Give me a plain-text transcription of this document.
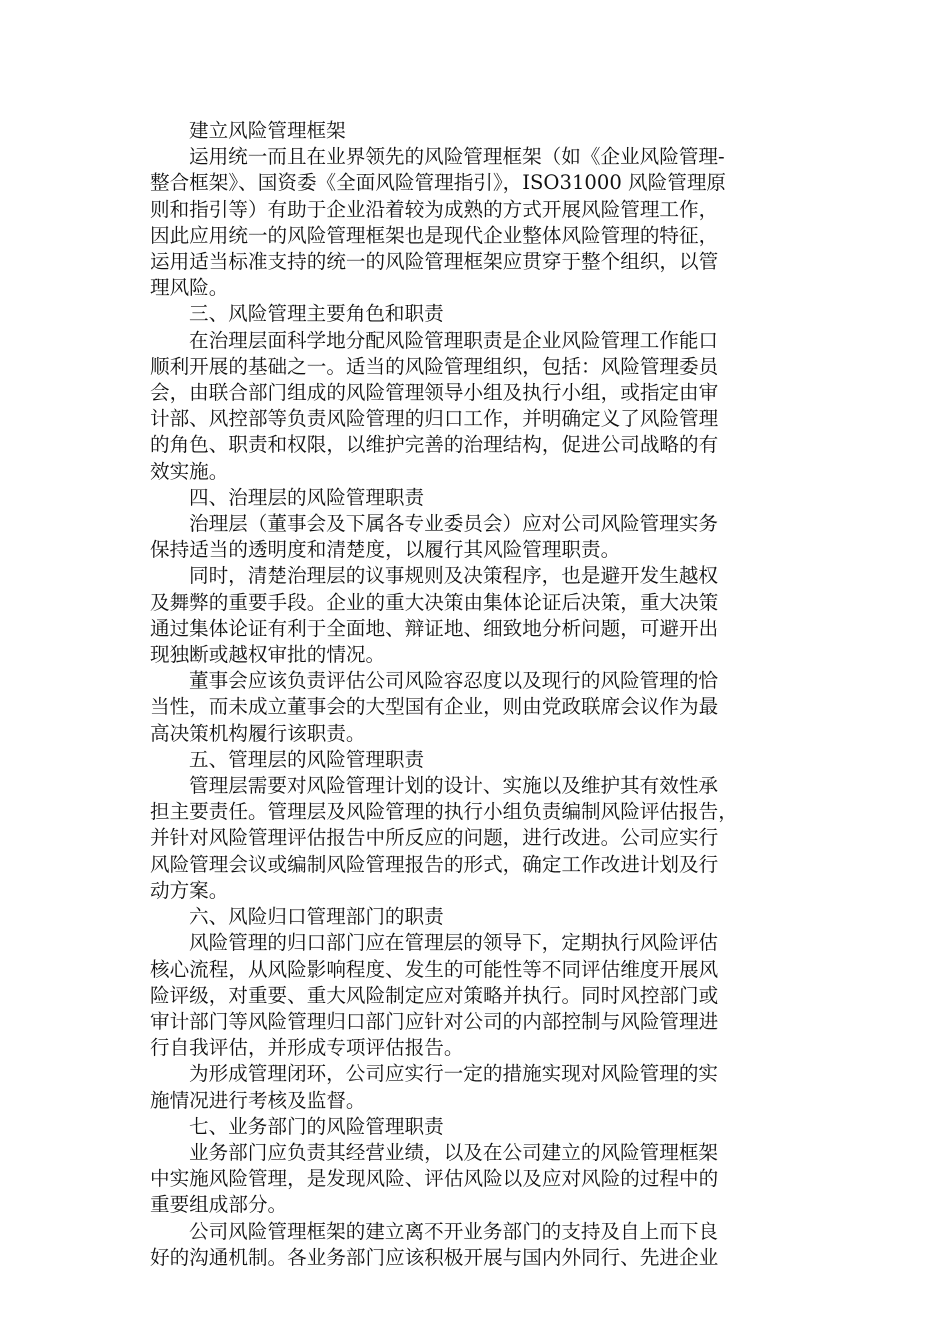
建立风险管理框架

运用统一而且在业界领先的风险管理框架（如《企业风险管理-

整合框架》、国资委《全面风险管理指引》，ISO31000 风险管理原

则和指引等）有助于企业沿着较为成熟的方式开展风险管理工作，

因此应用统一的风险管理框架也是现代企业整体风险管理的特征，

运用适当标准支持的统一的风险管理框架应贯穿于整个组织，以管

理风险。

三、风险管理主要角色和职责

在治理层面科学地分配风险管理职责是企业风险管理工作能口

顺利开展的基础之一。适当的风险管理组织，包括：风险管理委员

会，由联合部门组成的风险管理领导小组及执行小组，或指定由审

计部、风控部等负责风险管理的归口工作，并明确定义了风险管理

的角色、职责和权限，以维护完善的治理结构，促进公司战略的有

效实施。

四、治理层的风险管理职责

治理层（董事会及下属各专业委员会）应对公司风险管理实务

保持适当的透明度和清楚度，以履行其风险管理职责。

同时，清楚治理层的议事规则及决策程序，也是避开发生越权

及舞弊的重要手段。企业的重大决策由集体论证后决策，重大决策

通过集体论证有利于全面地、辩证地、细致地分析问题，可避开出

现独断或越权审批的情况。

董事会应该负责评估公司风险容忍度以及现行的风险管理的恰

当性，而未成立董事会的大型国有企业，则由党政联席会议作为最

高决策机构履行该职责。

五、管理层的风险管理职责

管理层需要对风险管理计划的设计、实施以及维护其有效性承

担主要责任。管理层及风险管理的执行小组负责编制风险评估报告，

并针对风险管理评估报告中所反应的问题，进行改进。公司应实行

风险管理会议或编制风险管理报告的形式，确定工作改进计划及行

动方案。

六、风险归口管理部门的职责

风险管理的归口部门应在管理层的领导下，定期执行风险评估

核心流程，从风险影响程度、发生的可能性等不同评估维度开展风

险评级，对重要、重大风险制定应对策略并执行。同时风控部门或

审计部门等风险管理归口部门应针对公司的内部控制与风险管理进

行自我评估，并形成专项评估报告。

为形成管理闭环，公司应实行一定的措施实现对风险管理的实

施情况进行考核及监督。

七、业务部门的风险管理职责

业务部门应负责其经营业绩，以及在公司建立的风险管理框架

中实施风险管理，是发现风险、评估风险以及应对风险的过程中的

重要组成部分。

公司风险管理框架的建立离不开业务部门的支持及自上而下良

好的沟通机制。各业务部门应该积极开展与国内外同行、先进企业
